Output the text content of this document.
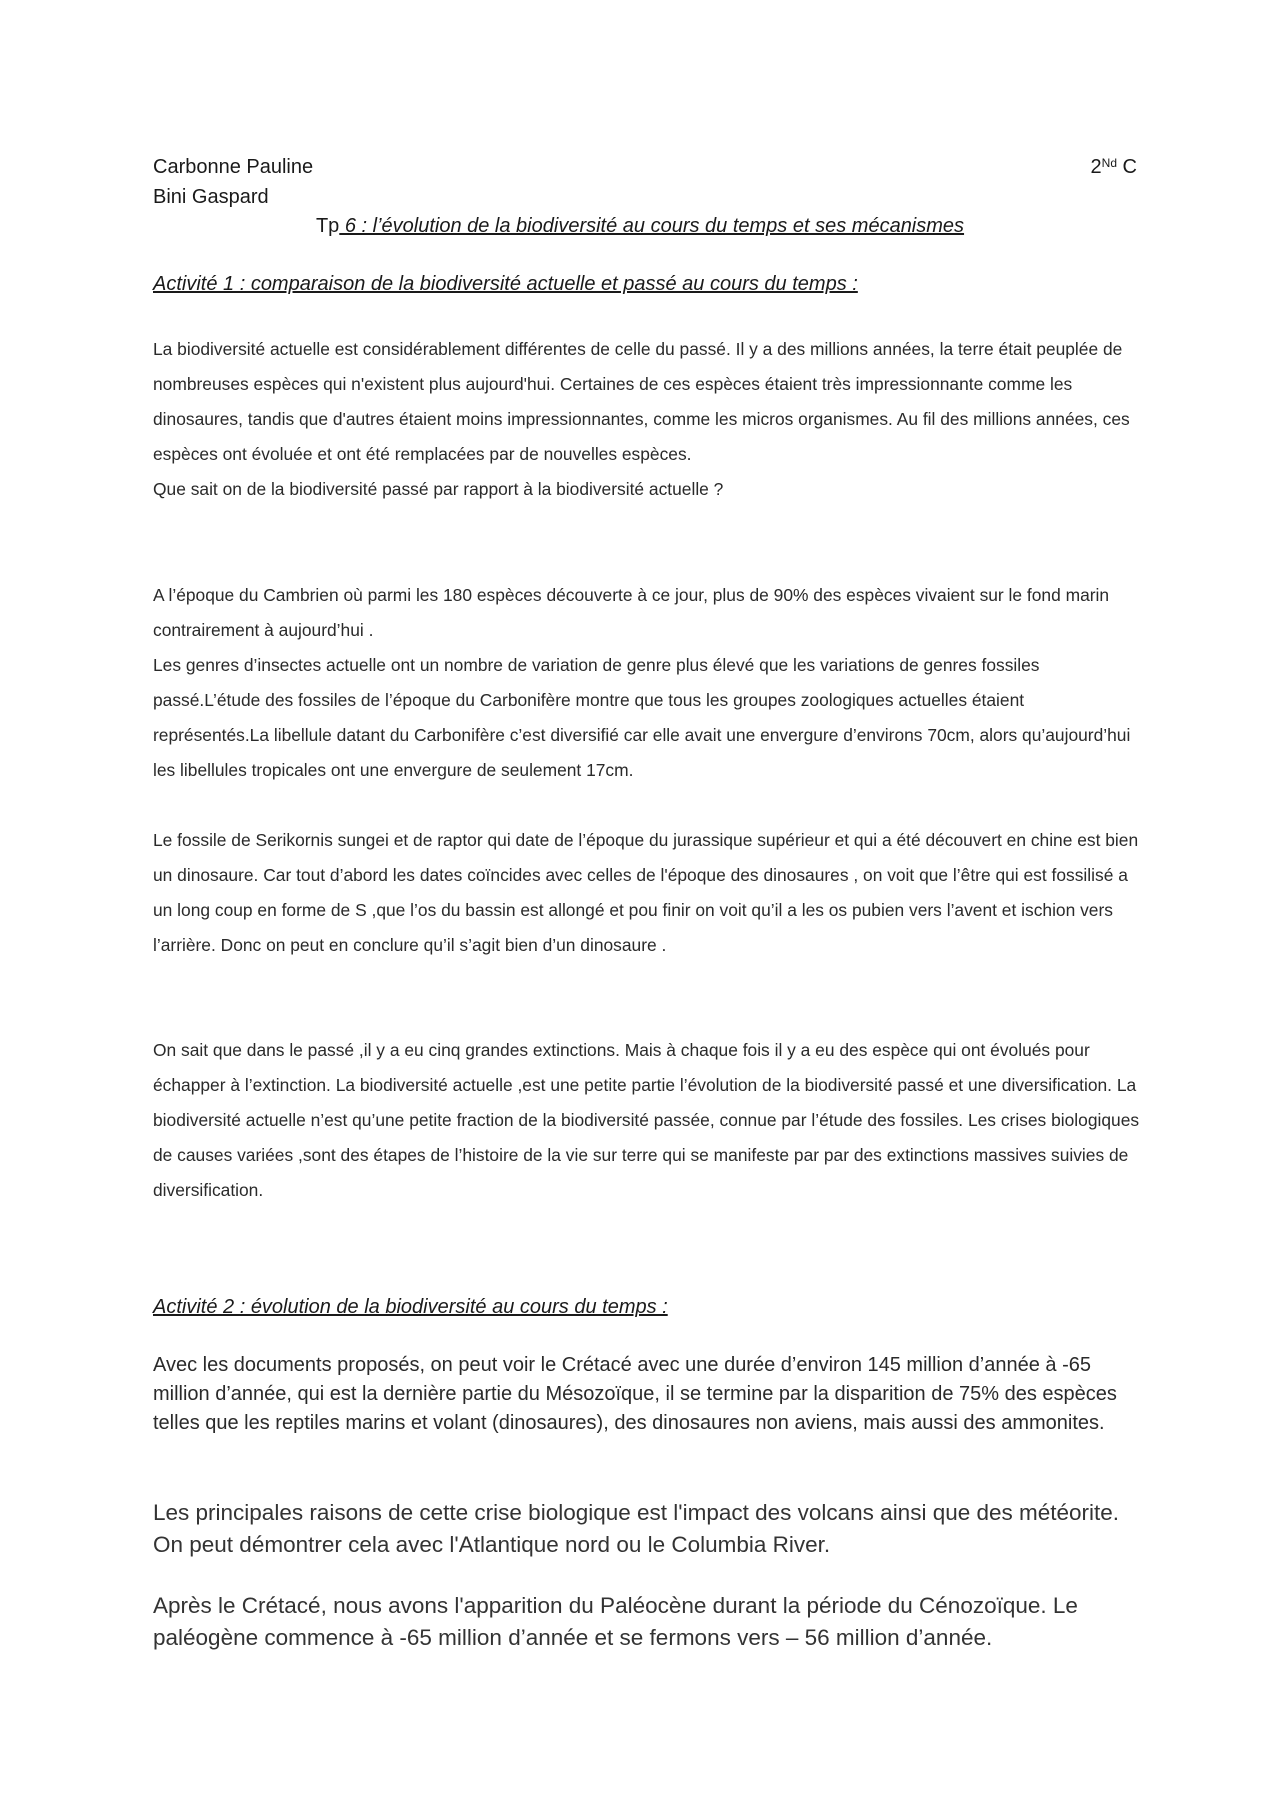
Carbonne Pauline
Bini Gaspard
2Nd C
Tp 6 : l’évolution de la biodiversité au cours du temps et ses mécanismes
Activité 1 : comparaison de la biodiversité actuelle et passé au cours du temps :

La biodiversité actuelle est considérablement différentes de celle du passé. Il y a des millions années, la terre était peuplée de nombreuses espèces qui n'existent plus aujourd'hui. Certaines de ces espèces étaient très impressionnante comme les dinosaures, tandis que d'autres étaient moins impressionnantes, comme les micros organismes. Au fil des millions années, ces espèces ont évoluée et ont été remplacées par de nouvelles espèces.

Que sait on de la biodiversité passé par rapport à la biodiversité actuelle ?

A l’époque du Cambrien où parmi les 180 espèces découverte à ce jour, plus de 90% des espèces vivaient sur le fond marin contrairement à aujourd’hui .

Les genres d’insectes actuelle ont un nombre de variation de genre plus élevé que les variations de genres fossiles passé.L’étude des fossiles de l’époque du Carbonifère montre que tous les groupes zoologiques actuelles étaient représentés.La libellule datant du Carbonifère c’est diversifié car elle avait une envergure d’environs 70cm, alors qu’aujourd’hui les libellules tropicales ont une envergure de seulement 17cm.

Le fossile de Serikornis sungei et de raptor qui date de l’époque du jurassique supérieur et qui a été découvert en chine est bien un dinosaure. Car tout d’abord les dates coïncides avec celles de l'époque des dinosaures , on voit que l’être qui est fossilisé a un long coup en forme de S ,que l’os du bassin est allongé et pou finir on voit qu’il a les os pubien vers l’avent et ischion vers l’arrière. Donc on peut en conclure qu’il s’agit bien d’un dinosaure .

On sait que dans le passé ,il y a eu cinq grandes extinctions. Mais à chaque fois il y a eu des espèce qui ont évolués pour échapper à l’extinction. La biodiversité actuelle ,est une petite partie l’évolution de la biodiversité passé et une diversification. La biodiversité actuelle n’est qu’une petite fraction de la biodiversité passée, connue par l’étude des fossiles. Les crises biologiques de causes variées ,sont des étapes de l’histoire de la vie sur terre qui se manifeste par par des extinctions massives suivies de diversification.

Activité 2 : évolution de la biodiversité au cours du temps :

Avec les documents proposés, on peut voir le Crétacé avec une durée d’environ 145 million d’année à -65 million d’année, qui est la dernière partie du Mésozoïque, il se termine par la disparition de 75% des espèces telles que les reptiles marins et volant (dinosaures), des dinosaures non aviens, mais aussi des ammonites.

Les principales raisons de cette crise biologique est l'impact des volcans ainsi que des météorite. On peut démontrer cela avec l'Atlantique nord ou le Columbia River.

Après le Crétacé, nous avons l'apparition du Paléocène durant la période du Cénozoïque. Le paléogène commence à -65 million d’année et se fermons vers – 56 million d’année.
